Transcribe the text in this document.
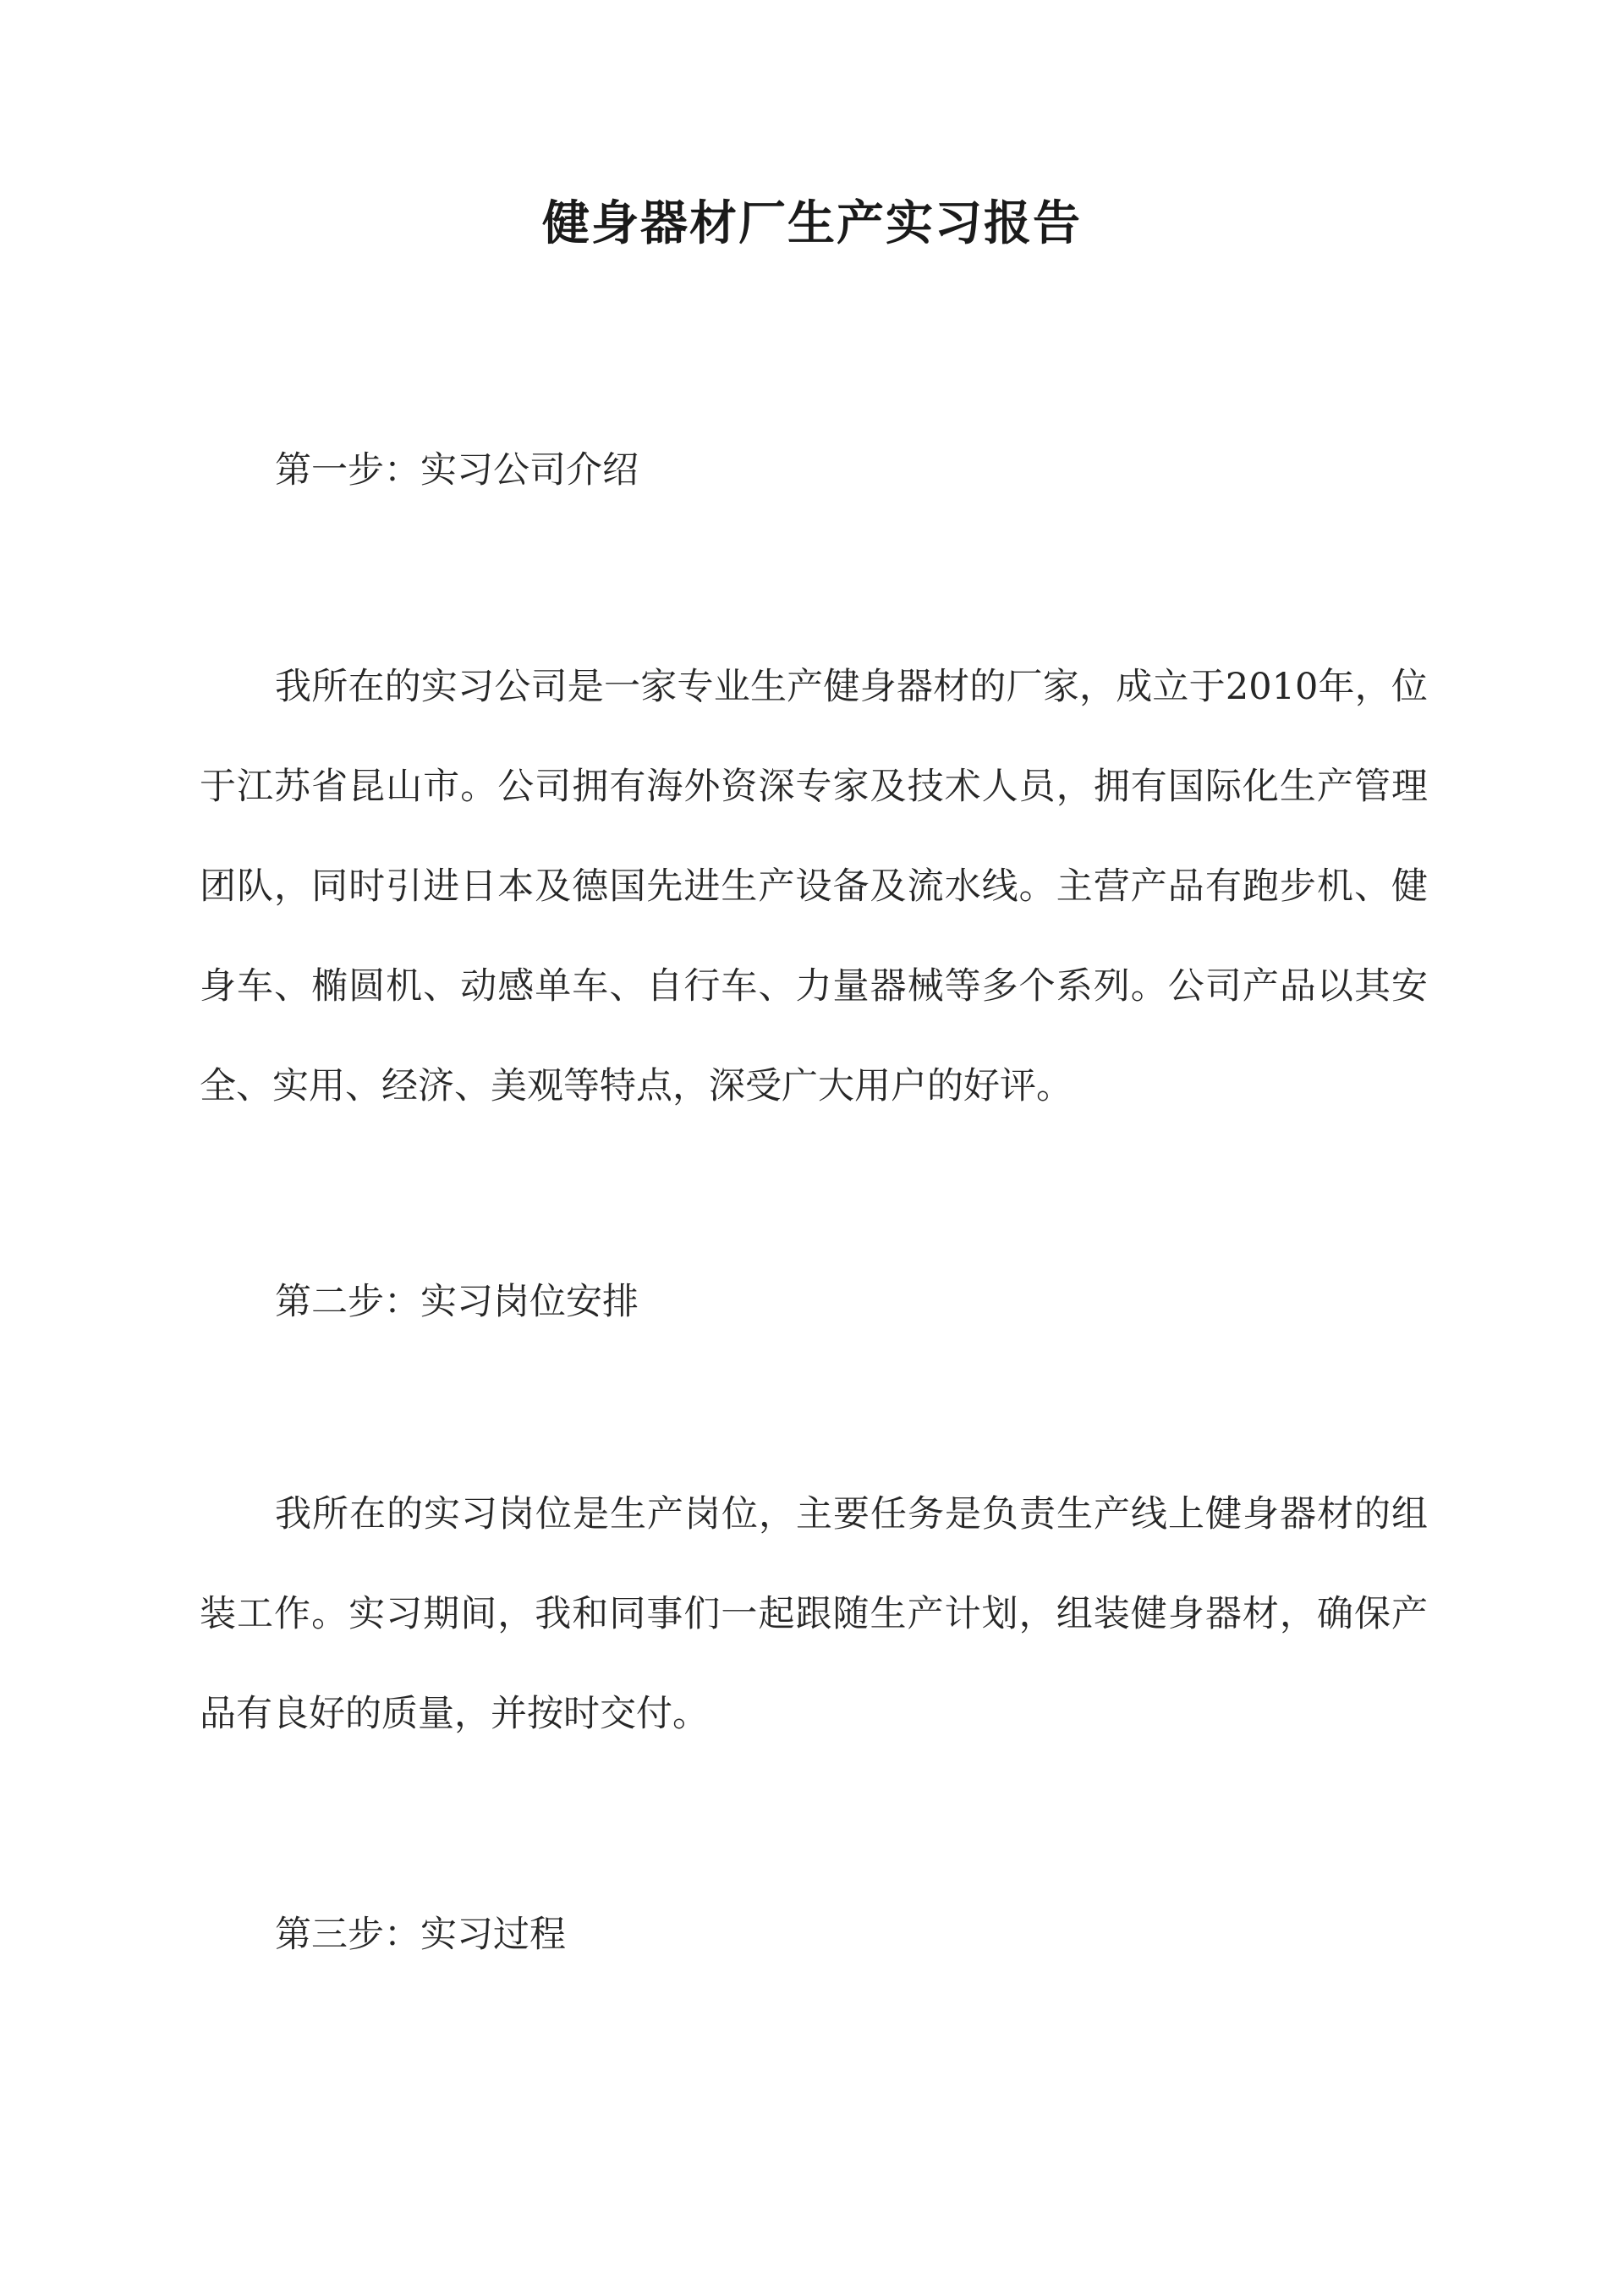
健身器材厂生产实习报告

第一步：实习公司介绍

我所在的实习公司是一家专业生产健身器材的厂家，成立于2010年，位于江苏省昆山市。公司拥有海外资深专家及技术人员，拥有国际化生产管理团队，同时引进日本及德国先进生产设备及流水线。主营产品有跑步机、健身车、椭圆机、动感单车、自行车、力量器械等多个系列。公司产品以其安全、实用、经济、美观等特点，深受广大用户的好评。

第二步：实习岗位安排

我所在的实习岗位是生产岗位，主要任务是负责生产线上健身器材的组装工作。实习期间，我和同事们一起跟随生产计划，组装健身器材，确保产品有良好的质量，并按时交付。

第三步：实习过程
